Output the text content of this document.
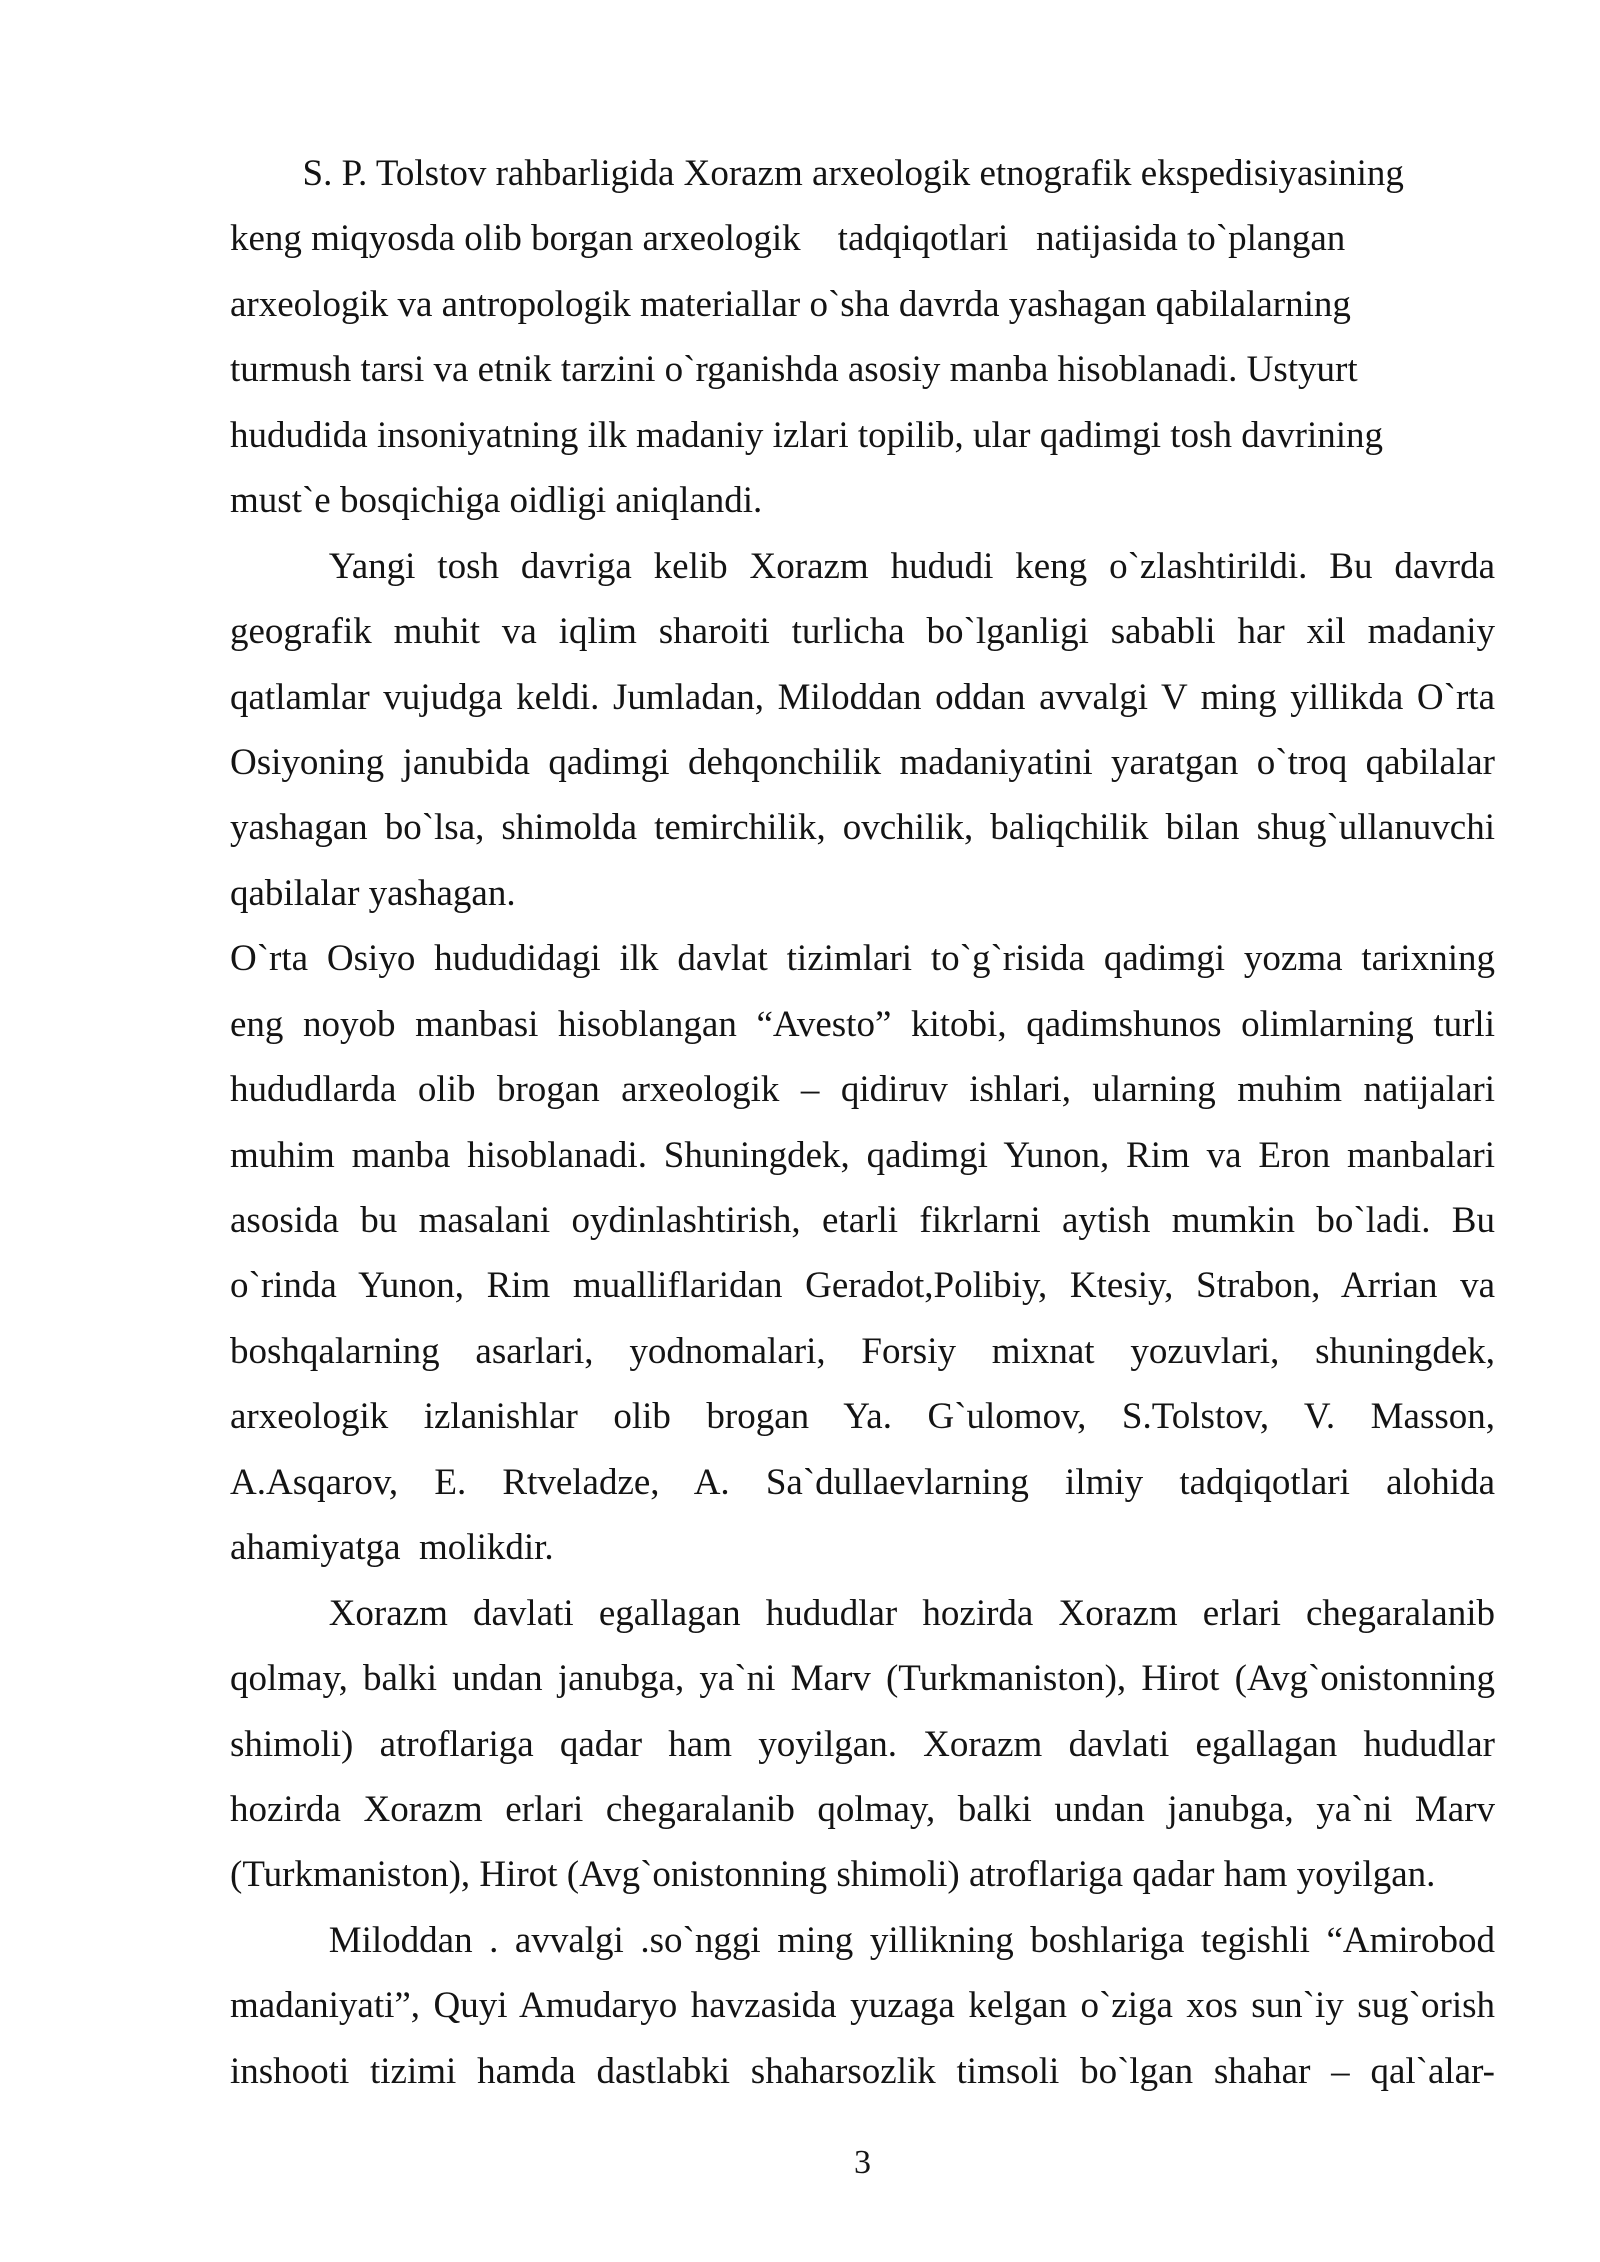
S. P. Tolstov rahbarligida Xorazm arxeologik etnografik ekspedisiyasining
keng miqyosda olib borgan arxeologik    tadqiqotlari   natijasida to`plangan
arxeologik va antropologik materiallar o`sha davrda yashagan qabilalarning
turmush tarsi va etnik tarzini o`rganishda asosiy manba hisoblanadi. Ustyurt
hududida insoniyatning ilk madaniy izlari topilib, ular qadimgi tosh davrining
must`e bosqichiga oidligi aniqlandi.
Yangi tosh davriga kelib Xorazm hududi keng o`zlashtirildi. Bu davrda
geografik muhit va iqlim sharoiti turlicha bo`lganligi sababli har xil madaniy
qatlamlar vujudga keldi. Jumladan, Miloddan oddan avvalgi V ming yillikda O`rta
Osiyoning janubida qadimgi dehqonchilik madaniyatini yaratgan o`troq qabilalar
yashagan bo`lsa, shimolda temirchilik, ovchilik, baliqchilik bilan shug`ullanuvchi
qabilalar yashagan.
O`rta Osiyo hududidagi ilk davlat tizimlari to`g`risida qadimgi yozma tarixning
eng noyob manbasi hisoblangan “Avesto” kitobi, qadimshunos olimlarning turli
hududlarda olib brogan arxeologik – qidiruv ishlari, ularning muhim natijalari
muhim manba hisoblanadi. Shuningdek, qadimgi Yunon, Rim va Eron manbalari
asosida bu masalani oydinlashtirish, etarli fikrlarni aytish mumkin bo`ladi. Bu
o`rinda Yunon, Rim mualliflaridan Geradot,Polibiy, Ktesiy, Strabon, Arrian va
boshqalarning asarlari, yodnomalari, Forsiy mixnat yozuvlari, shuningdek,
arxeologik izlanishlar olib brogan Ya. G`ulomov, S.Tolstov, V. Masson,
A.Asqarov, E. Rtveladze, A. Sa`dullaevlarning ilmiy tadqiqotlari alohida
ahamiyatga  molikdir.
Xorazm davlati egallagan hududlar hozirda Xorazm erlari chegaralanib
qolmay, balki undan janubga, ya`ni Marv (Turkmaniston), Hirot (Avg`onistonning
shimoli) atroflariga qadar ham yoyilgan. Xorazm davlati egallagan hududlar
hozirda Xorazm erlari chegaralanib qolmay, balki undan janubga, ya`ni Marv
(Turkmaniston), Hirot (Avg`onistonning shimoli) atroflariga qadar ham yoyilgan.
Miloddan . avvalgi .so`nggi ming yillikning boshlariga tegishli “Amirobod
madaniyati”, Quyi Amudaryo havzasida yuzaga kelgan o`ziga xos sun`iy sug`orish
inshooti tizimi hamda dastlabki shaharsozlik timsoli bo`lgan shahar – qal`alar-
3
